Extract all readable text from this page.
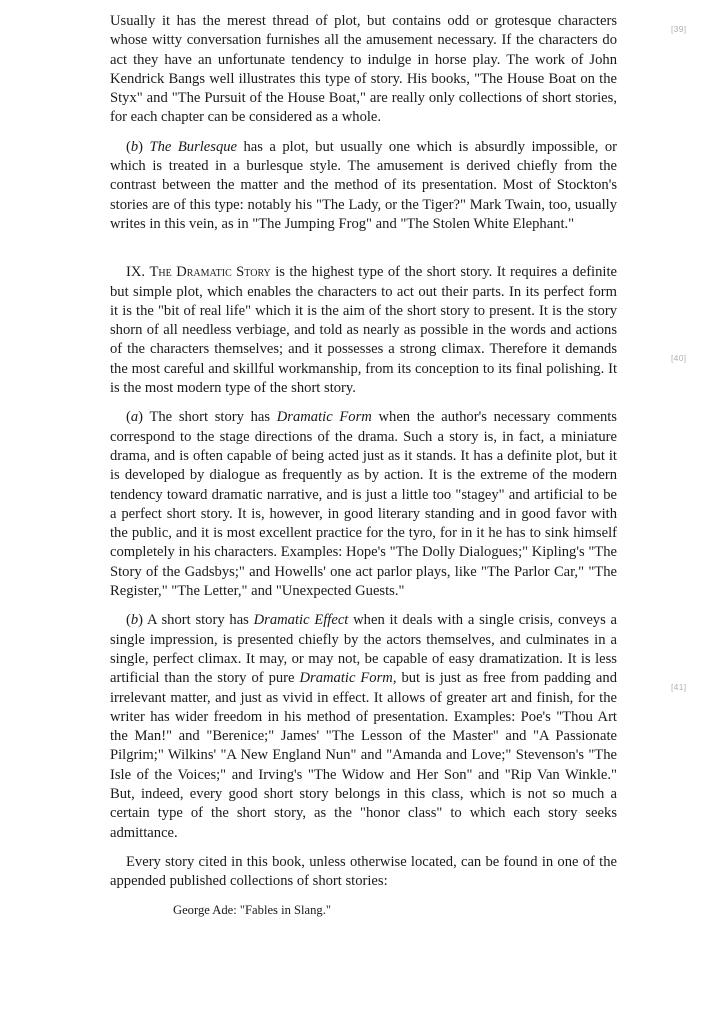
[39]
[40]
[41]

Usually it has the merest thread of plot, but contains odd or grotesque characters whose witty conversation furnishes all the amusement necessary. If the characters do act they have an unfortunate tendency to indulge in horse play. The work of John Kendrick Bangs well illustrates this type of story. His books, "The House Boat on the Styx" and "The Pursuit of the House Boat," are really only collections of short stories, for each chapter can be considered as a whole.

(b) The Burlesque has a plot, but usually one which is absurdly impossible, or which is treated in a burlesque style. The amusement is derived chiefly from the contrast between the matter and the method of its presentation. Most of Stockton's stories are of this type: notably his "The Lady, or the Tiger?" Mark Twain, too, usually writes in this vein, as in "The Jumping Frog" and "The Stolen White Elephant."

IX. The Dramatic Story is the highest type of the short story. It requires a definite but simple plot, which enables the characters to act out their parts. In its perfect form it is the "bit of real life" which it is the aim of the short story to present. It is the story shorn of all needless verbiage, and told as nearly as possible in the words and actions of the characters themselves; and it possesses a strong climax. Therefore it demands the most careful and skillful workmanship, from its conception to its final polishing. It is the most modern type of the short story.

(a) The short story has Dramatic Form when the author's necessary comments correspond to the stage directions of the drama. Such a story is, in fact, a miniature drama, and is often capable of being acted just as it stands. It has a definite plot, but it is developed by dialogue as frequently as by action. It is the extreme of the modern tendency toward dramatic narrative, and is just a little too "stagey" and artificial to be a perfect short story. It is, however, in good literary standing and in good favor with the public, and it is most excellent practice for the tyro, for in it he has to sink himself completely in his characters. Examples: Hope's "The Dolly Dialogues;" Kipling's "The Story of the Gadsbys;" and Howells' one act parlor plays, like "The Parlor Car," "The Register," "The Letter," and "Unexpected Guests."

(b) A short story has Dramatic Effect when it deals with a single crisis, conveys a single impression, is presented chiefly by the actors themselves, and culminates in a single, perfect climax. It may, or may not, be capable of easy dramatization. It is less artificial than the story of pure Dramatic Form, but is just as free from padding and irrelevant matter, and just as vivid in effect. It allows of greater art and finish, for the writer has wider freedom in his method of presentation. Examples: Poe's "Thou Art the Man!" and "Berenice;" James' "The Lesson of the Master" and "A Passionate Pilgrim;" Wilkins' "A New England Nun" and "Amanda and Love;" Stevenson's "The Isle of the Voices;" and Irving's "The Widow and Her Son" and "Rip Van Winkle." But, indeed, every good short story belongs in this class, which is not so much a certain type of the short story, as the "honor class" to which each story seeks admittance.

Every story cited in this book, unless otherwise located, can be found in one of the appended published collections of short stories:

George Ade: "Fables in Slang."
